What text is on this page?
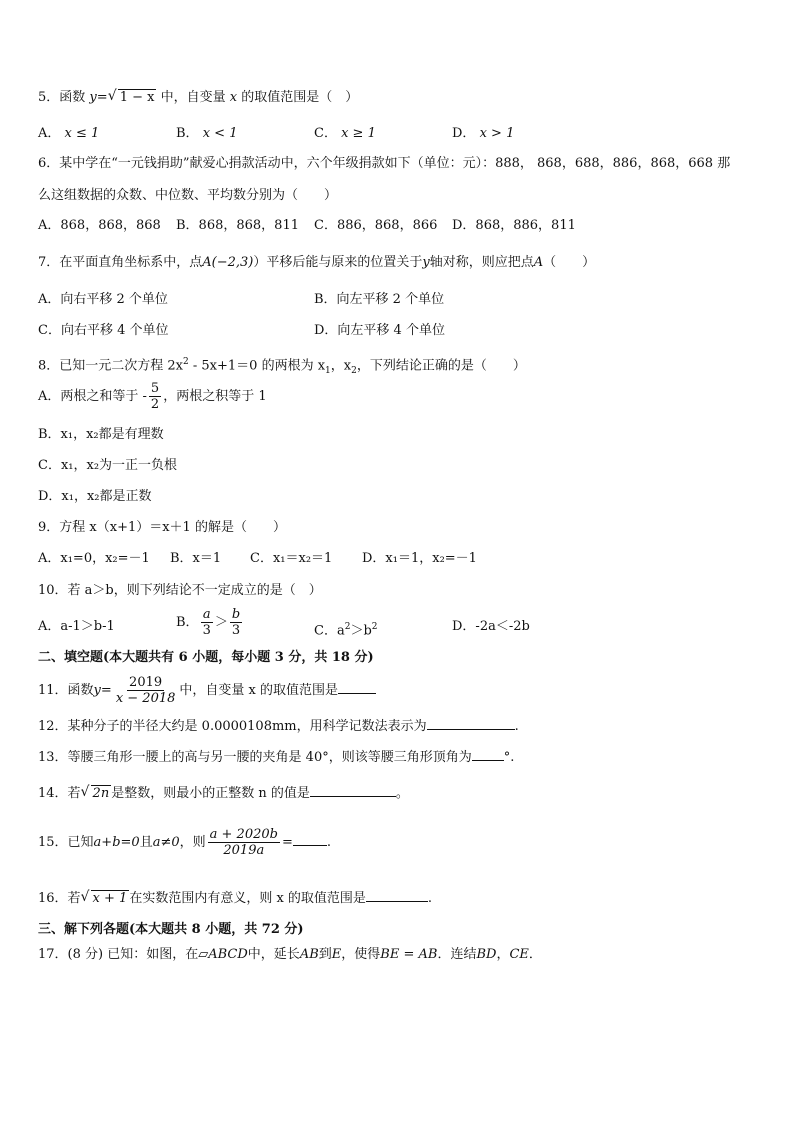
5．函数 y= √ 1 − x 中，自变量 x 的取值范围是（　）
A． x ≤ 1	B． x < 1	C． x ≥ 1	D． x > 1
6．某中学在“一元钱捐助”献爱心捐款活动中，六个年级捐款如下（单位：元）：888， 868，688，886，868，668 那
么这组数据的众数、中位数、平均数分别为（　　）
A．868，868，868 B．868，868，811 C．886，868，866 D．868，886，811
7．在平面直角坐标系中，点A(−2,3)）平移后能与原来的位置关于y轴对称，则应把点A（　　）
A．向右平移 2 个单位	B．向左平移 2 个单位
C．向右平移 4 个单位	D．向左平移 4 个单位
8．已知一元二次方程 $2x^2 - 5x+1=0$ 的两根为 $x_1$，$x_2$，下列结论正确的是（　　）
A．两根之和等于 - $\frac{5}{2}$ ，两根之积等于 1
B．x₁，x₂都是有理数
C．x₁，x₂为一正一负根
D．x₁，x₂都是正数
9．方程 x（x+1）＝x＋1 的解是（　　）
A．x₁=0，x₂=－1 B．x＝1 C．x₁＝x₂＝1 D．x₁＝1，x₂=－1
10．若 a＞b，则下列结论不一定成立的是（　）
A．a-1＞b-1	B． $\frac{a}{3} > \frac{b}{3}$	C．$a^2>b^2$	D．-2a＜-2b
二、填空题(本大题共有 6 小题，每小题 3 分，共 18 分)
11．函数$y= \frac{2019}{x - 2018}$ 中，自变量 x 的取值范围是
12．某种分子的半径大约是 0.0000108mm，用科学记数法表示为	.
13．等腰三角形一腰上的高与另一腰的夹角是 40°，则该等腰三角形顶角为 °.
14．若 √ 2n 是整数，则最小的正整数 n 的值是	。
15．已知a+b=0且a≠0，则 $\frac{a + 2020b}{2019a}$ =	.
16．若 √ x + 1 在实数范围内有意义，则 x 的取值范围是	.
三、解下列各题(本大题共 8 小题，共 72 分)
17．(8 分) 已知：如图，在▱ABCD中，延长AB到E，使得BE = AB．连结BD，CE．
